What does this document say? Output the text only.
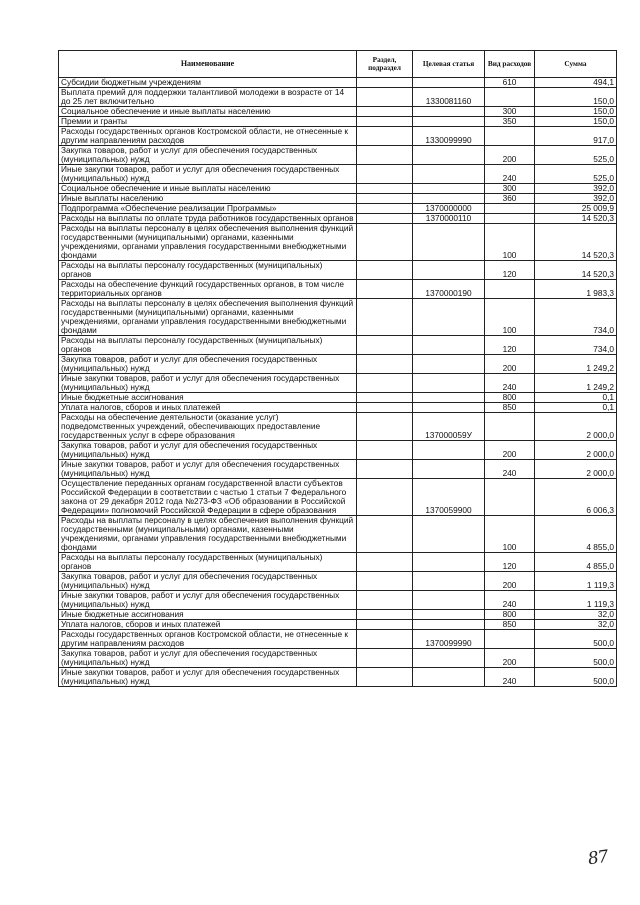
Наименование	Раздел, подраздел	Целевая статья	Вид расходов	Сумма
Субсидии бюджетным учреждениям			610	494,1
Выплата премий для поддержки талантливой молодежи в возрасте от 14 до 25 лет включительно		1330081160		150,0
Социальное обеспечение и иные выплаты населению			300	150,0
Премии и гранты			350	150,0
Расходы государственных органов Костромской области, не отнесенные к другим направлениям расходов		1330099990		917,0
Закупка товаров, работ и услуг для обеспечения государственных (муниципальных) нужд			200	525,0
Иные закупки товаров, работ и услуг для обеспечения государственных (муниципальных) нужд			240	525,0
Социальное обеспечение и иные выплаты населению			300	392,0
Иные выплаты населению			360	392,0
Подпрограмма «Обеспечение реализации Программы»		1370000000		25 009,9
Расходы на выплаты по оплате труда работников государственных органов		1370000110		14 520,3
Расходы на выплаты персоналу в целях обеспечения выполнения функций государственными (муниципальными) органами, казенными учреждениями, органами управления государственными внебюджетными фондами			100	14 520,3
Расходы на выплаты персоналу государственных (муниципальных) органов			120	14 520,3
Расходы на обеспечение функций государственных органов, в том числе территориальных органов		1370000190		1 983,3
Расходы на выплаты персоналу в целях обеспечения выполнения функций государственными (муниципальными) органами, казенными учреждениями, органами управления государственными внебюджетными фондами			100	734,0
Расходы на выплаты персоналу государственных (муниципальных) органов			120	734,0
Закупка товаров, работ и услуг для обеспечения государственных (муниципальных) нужд			200	1 249,2
Иные закупки товаров, работ и услуг для обеспечения государственных (муниципальных) нужд			240	1 249,2
Иные бюджетные ассигнования			800	0,1
Уплата налогов, сборов и иных платежей			850	0,1
Расходы на обеспечение деятельности (оказание услуг) подведомственных учреждений, обеспечивающих предоставление государственных услуг в сфере образования		137000059У		2 000,0
Закупка товаров, работ и услуг для обеспечения государственных (муниципальных) нужд			200	2 000,0
Иные закупки товаров, работ и услуг для обеспечения государственных (муниципальных) нужд			240	2 000,0
Осуществление переданных органам государственной власти субъектов Российской Федерации в соответствии с частью 1 статьи 7 Федерального закона от 29 декабря 2012 года №273-ФЗ «Об образовании в Российской Федерации» полномочий Российской Федерации в сфере образования		1370059900		6 006,3
Расходы на выплаты персоналу в целях обеспечения выполнения функций государственными (муниципальными) органами, казенными учреждениями, органами управления государственными внебюджетными фондами			100	4 855,0
Расходы на выплаты персоналу государственных (муниципальных) органов			120	4 855,0
Закупка товаров, работ и услуг для обеспечения государственных (муниципальных) нужд			200	1 119,3
Иные закупки товаров, работ и услуг для обеспечения государственных (муниципальных) нужд			240	1 119,3
Иные бюджетные ассигнования			800	32,0
Уплата налогов, сборов и иных платежей			850	32,0
Расходы государственных органов Костромской области, не отнесенные к другим направлениям расходов		1370099990		500,0
Закупка товаров, работ и услуг для обеспечения государственных (муниципальных) нужд			200	500,0
Иные закупки товаров, работ и услуг для обеспечения государственных (муниципальных) нужд			240	500,0
87
